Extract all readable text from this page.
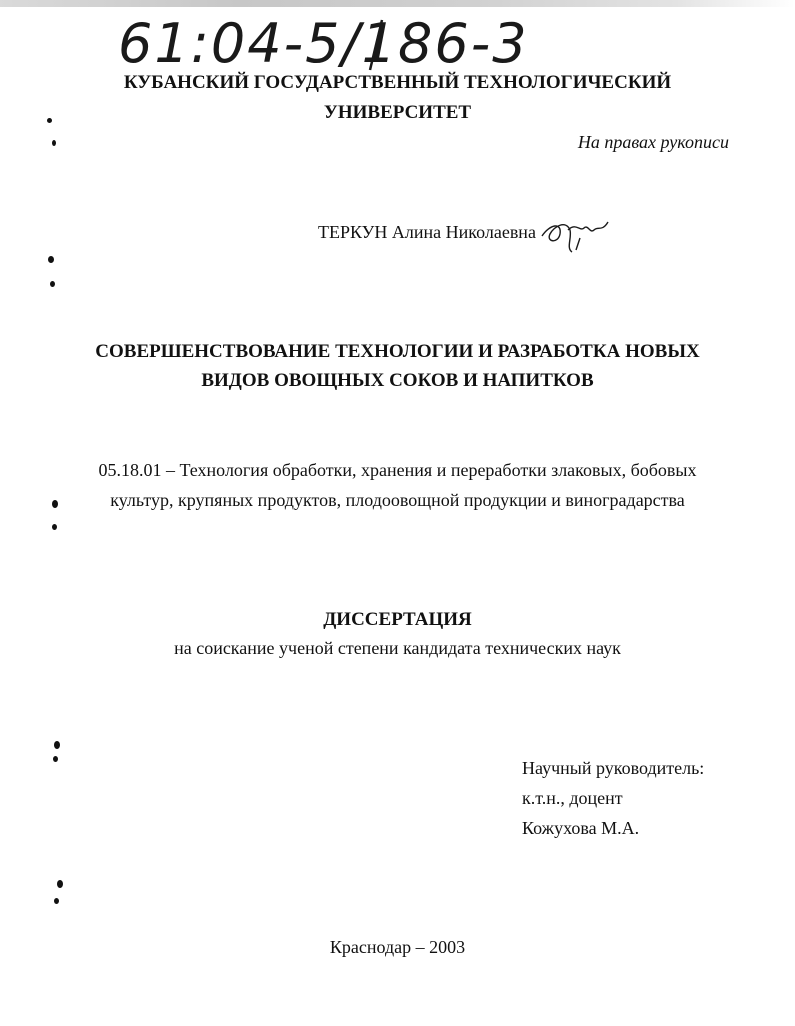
61:04-5/186-3
КУБАНСКИЙ ГОСУДАРСТВЕННЫЙ ТЕХНОЛОГИЧЕСКИЙ
УНИВЕРСИТЕТ
На правах рукописи
ТЕРКУН Алина Николаевна
СОВЕРШЕНСТВОВАНИЕ ТЕХНОЛОГИИ И РАЗРАБОТКА НОВЫХ
ВИДОВ ОВОЩНЫХ СОКОВ И НАПИТКОВ
05.18.01 – Технология обработки, хранения и переработки злаковых, бобовых
культур, крупяных продуктов, плодоовощной продукции и виноградарства
ДИССЕРТАЦИЯ
на соискание ученой степени кандидата технических наук
Научный руководитель:
к.т.н., доцент
Кожухова М.А.
Краснодар – 2003
